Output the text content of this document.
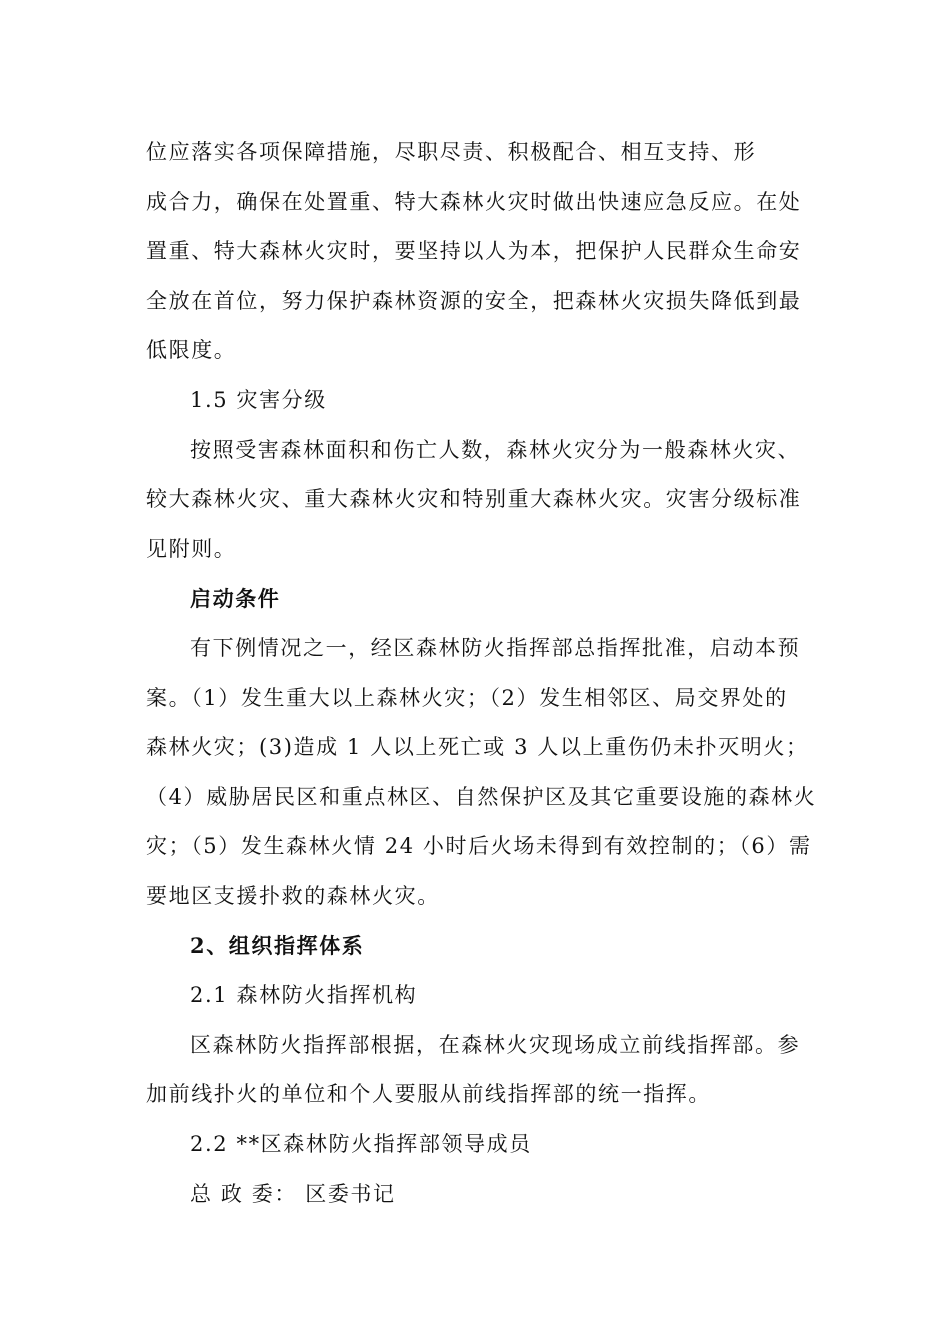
位应落实各项保障措施，尽职尽责、积极配合、相互支持、形
成合力，确保在处置重、特大森林火灾时做出快速应急反应。在处
置重、特大森林火灾时，要坚持以人为本，把保护人民群众生命安
全放在首位，努力保护森林资源的安全，把森林火灾损失降低到最
低限度。
1.5 灾害分级
按照受害森林面积和伤亡人数，森林火灾分为一般森林火灾、
较大森林火灾、重大森林火灾和特别重大森林火灾。灾害分级标准
见附则。
启动条件
有下例情况之一，经区森林防火指挥部总指挥批准，启动本预
案。（1）发生重大以上森林火灾；（2）发生相邻区、局交界处的
森林火灾；(3)造成 1 人以上死亡或 3 人以上重伤仍未扑灭明火；
（4）威胁居民区和重点林区、自然保护区及其它重要设施的森林火
灾；（5）发生森林火情 24 小时后火场未得到有效控制的；（6）需
要地区支援扑救的森林火灾。
2、组织指挥体系
2.1 森林防火指挥机构
区森林防火指挥部根据，在森林火灾现场成立前线指挥部。参
加前线扑火的单位和个人要服从前线指挥部的统一指挥。
2.2 **区森林防火指挥部领导成员
总 政 委： 区委书记
